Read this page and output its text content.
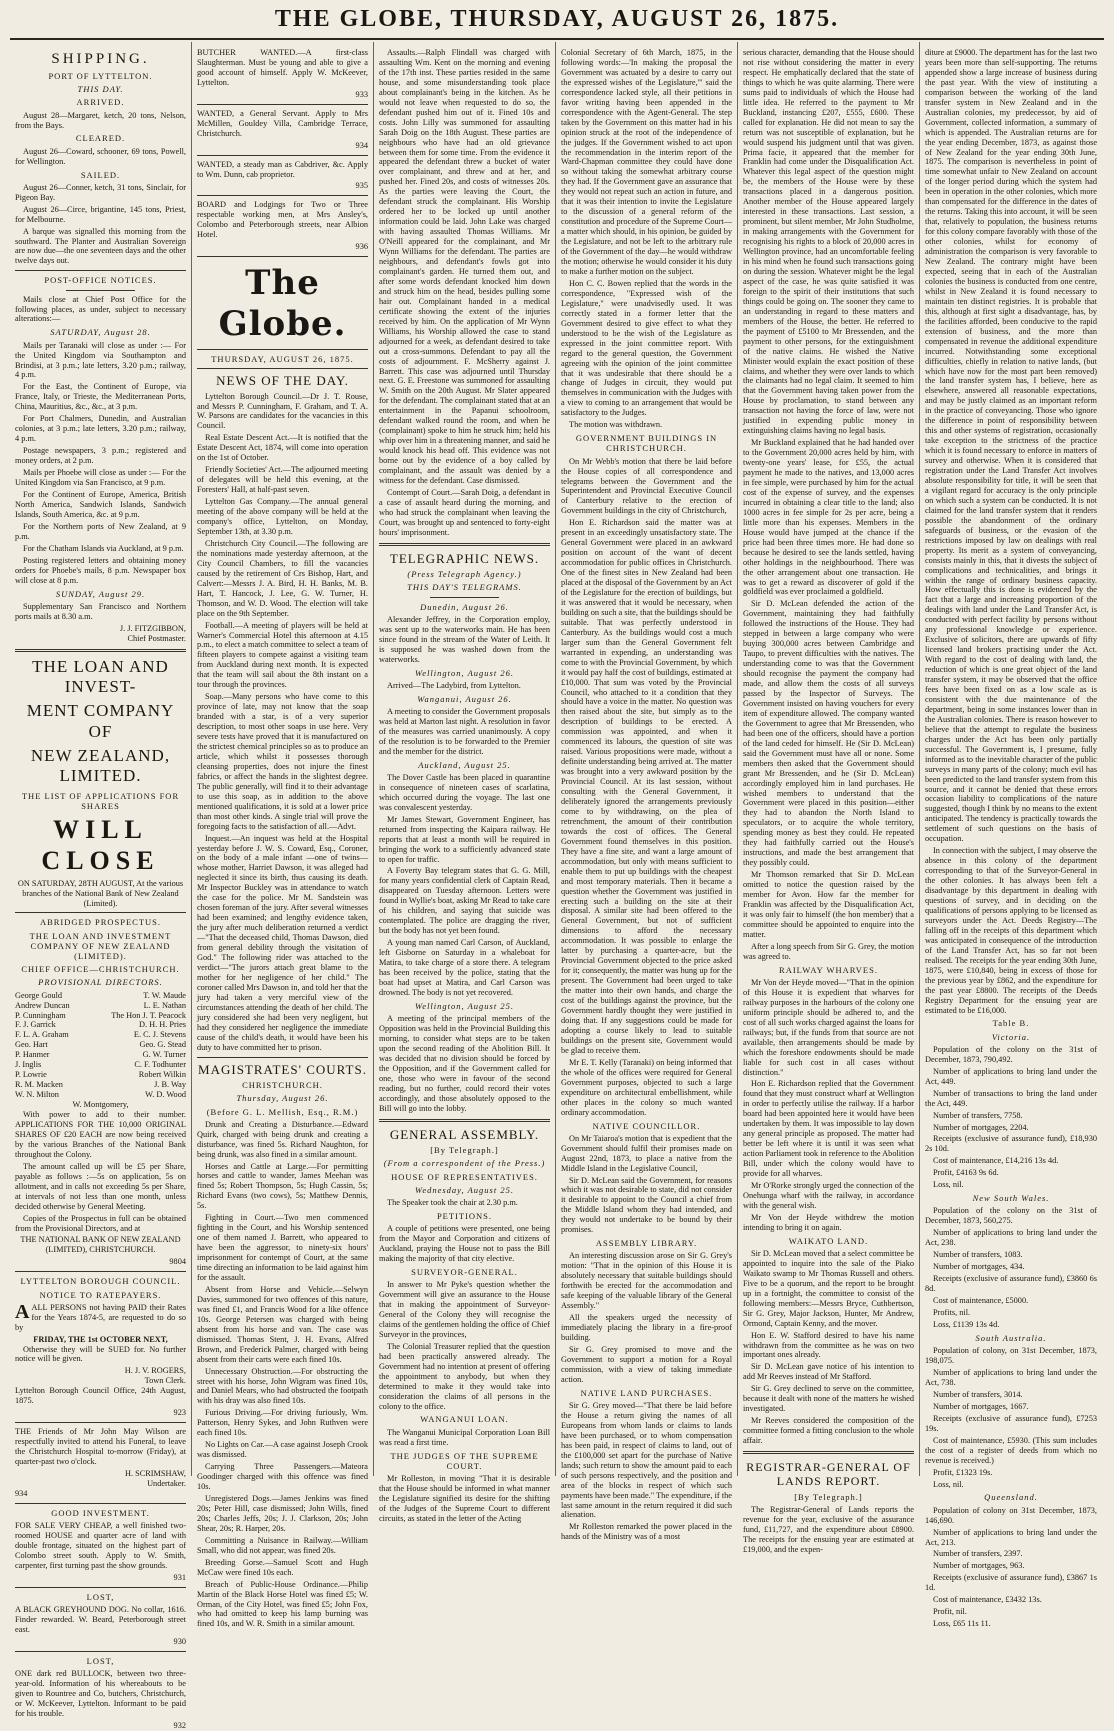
THE GLOBE, THURSDAY, AUGUST 26, 1875.
SHIPPING.
PORT OF LYTTELTON.
THIS DAY.
ARRIVED.

August 28—Margaret, ketch, 20 tons, Nelson, from the Bays.

CLEARED.

August 26—Coward, schooner, 69 tons, Powell, for Wellington.

SAILED.

August 26—Conner, ketch, 31 tons, Sinclair, for Pigeon Bay.

August 26—Circe, brigantine, 145 tons, Priest, for Melbourne.

A barque was signalled this morning from the southward. The Planter and Australian Sovereign are now due—the one seventeen days and the other twelve days out.

POST-OFFICE NOTICES.

Mails close at Chief Post Office for the following places, as under, subject to necessary alterations:—

SATURDAY, August 28.

Mails per Taranaki will close as under :— For the United Kingdom via Southampton and Brindisi, at 3 p.m.; late letters, 3.20 p.m.; railway, 4 p.m.

For the East, the Continent of Europe, via France, Italy, or Trieste, the Mediterranean Ports, China, Mauritius, &c., &c., at 3 p.m.

For Port Chalmers, Dunedin, and Australian colonies, at 3 p.m.; late letters, 3.20 p.m.; railway, 4 p.m.

Postage newspapers, 3 p.m.; registered and money orders, at 2 p.m.

Mails per Phoebe will close as under :— For the United Kingdom via San Francisco, at 9 p.m.

For the Continent of Europe, America, British North America, Sandwich Islands, Sandwich Islands, South America, &c. at 9 p.m.

For the Northern ports of New Zealand, at 9 p.m.

For the Chatham Islands via Auckland, at 9 p.m.

Posting registered letters and obtaining money orders for Phoebe's mails, 8 p.m. Newspaper box will close at 8 p.m.

SUNDAY, August 29.

Supplementary San Francisco and Northern ports mails at 8.30 a.m.

J. J. FITZGIBBON,
Chief Postmaster.
THE LOAN AND INVEST-
MENT COMPANY OF
NEW ZEALAND, LIMITED.
THE LIST OF APPLICATIONS FOR SHARES
WILL CLOSE

ON SATURDAY, 28TH AUGUST, At the various branches of the National Bank of New Zealand (Limited).

ABRIDGED PROSPECTUS.
THE LOAN AND INVESTMENT COMPANY OF NEW ZEALAND (LIMITED).
CHIEF OFFICE—CHRISTCHURCH.
PROVISIONAL DIRECTORS.
George Gould	T. W. Maude
Andrew Duncan	L. E. Nathan
P. Cunningham	The Hon J. T. Peacock
F. J. Garrick	D. H. H. Pries
F. L. A. Graham	E. C. J. Stevens
Geo. Hart	Geo. G. Stead
P. Hanmer	G. W. Turner
J. Inglis	C. F. Todhunter
P. Lowrie	Robert Wilkin
R. M. Macken	J. B. Way
W. N. Milton	W. D. Wood
W. Montgomery,

With power to add to their number. APPLICATIONS FOR THE 10,000 ORIGINAL SHARES OF £20 EACH are now being received by the various Branches of the National Bank throughout the Colony.

The amount called up will be £5 per Share, payable as follows :—5s on application, 5s on allotment, and in calls not exceeding 5s per Share, at intervals of not less than one month, unless decided otherwise by General Meeting.

Copies of the Prospectus in full can be obtained from the Provisional Directors, and at

THE NATIONAL BANK OF NEW ZEALAND (LIMITED), CHRISTCHURCH.

9804
LYTTELTON BOROUGH COUNCIL.
NOTICE TO RATEPAYERS.

AALL PERSONS not having PAID their Rates for the Years 1874-5, are requested to do so by

FRIDAY, THE 1st OCTOBER NEXT,

Otherwise they will be SUED for. No further notice will be given.

H. J. V. ROGERS,
Town Clerk.

Lyttelton Borough Council Office, 24th August, 1875.

923

THE Friends of Mr John May Wilson are respectfully invited to attend his Funeral, to leave the Christchurch Hospital to-morrow (Friday), at quarter-past two o'clock.

H. SCRIMSHAW,
Undertaker.
934
GOOD INVESTMENT.

FOR SALE VERY CHEAP, a well finished two-roomed HOUSE and quarter acre of land with double frontage, situated on the highest part of Colombo street south. Apply to W. Smith, carpenter, first turning past the show grounds.

931
LOST,

A BLACK GREYHOUND DOG. No collar, 1616. Finder rewarded. W. Beard, Peterborough street east.

930
LOST,

ONE dark red BULLOCK, between two three-year-old. Information of his whereabouts to be given to Rountree and Co, butchers, Christchurch, or W. McKeever, Lyttelton. Informant to be paid for his trouble.

932

BUTCHER WANTED.—A first-class Slaughterman. Must be young and able to give a good account of himself. Apply W. McKeever, Lyttelton.

933

WANTED, a General Servant. Apply to Mrs McMillen, Gouldey Villa, Cambridge Terrace, Christchurch.

934

WANTED, a steady man as Cabdriver, &c. Apply to Wm. Dunn, cab proprietor.

935

BOARD and Lodgings for Two or Three respectable working men, at Mrs Ansley's, Colombo and Peterborough streets, near Albion Hotel.

936
The Globe.
THURSDAY, AUGUST 26, 1875.
NEWS OF THE DAY.

Lyttelton Borough Council.—Dr J. T. Rouse, and Messrs P. Cunningham, F. Graham, and T. A. W. Parsons are candidates for the vacancies in this Council.

Real Estate Descent Act.—It is notified that the Estate Descent Act, 1874, will come into operation on the 1st of October.

Friendly Societies' Act.—The adjourned meeting of delegates will be held this evening, at the Foresters' Hall, at half-past seven.

Lyttelton Gas Company.—The annual general meeting of the above company will be held at the company's office, Lyttelton, on Monday, September 13th, at 3.30 p.m.

Christchurch City Council.—The following are the nominations made yesterday afternoon, at the City Council Chambers, to fill the vacancies caused by the retirement of Crs Bishop, Hart, and Calvert:—Messrs J. A. Bird, H. H. Banks, M. B. Hart, T. Hancock, J. Lee, G. W. Turner, H. Thomson, and W. D. Wood. The election will take place on the 9th September.

Football.—A meeting of players will be held at Warner's Commercial Hotel this afternoon at 4.15 p.m., to elect a match committee to select a team of fifteen players to compete against a visiting team from Auckland during next month. It is expected that the team will sail about the 8th instant on a tour through the provinces.

Soap.—Many persons who have come to this province of late, may not know that the soap branded with a star, is of a very superior description, to most other soaps in use here. Very severe tests have proved that it is manufactured on the strictest chemical principles so as to produce an article, which whilst it possesses thorough cleansing properties, does not injure the finest fabrics, or affect the hands in the slightest degree. The public generally, will find it to their advantage to use this soap, as in addition to the above mentioned qualifications, it is sold at a lower price than most other kinds. A single trial will prove the foregoing facts to the satisfaction of all.—Advt.

Inquest.—An inquest was held at the Hospital yesterday before J. W. S. Coward, Esq., Coroner, on the body of a male infant —one of twins—whose mother, Harriet Dawson, it was alleged had neglected it since its birth, thus causing its death. Mr Inspector Buckley was in attendance to watch the case for the police. Mr M. Sandstein was chosen foreman of the jury. After several witnesses had been examined; and lengthy evidence taken, the jury after much deliberation returned a verdict—"That the deceased child, Thomas Dawson, died from general debility through the visitation of God." The following rider was attached to the verdict—"The jurors attach great blame to the mother for her negligence of her child." The coroner called Mrs Dawson in, and told her that the jury had taken a very merciful view of the circumstances attending the death of her child. The jury considered she had been very negligent, but had they considered her negligence the immediate cause of the child's death, it would have been his duty to have committed her to prison.

MAGISTRATES' COURTS.
CHRISTCHURCH.
Thursday, August 26.
(Before G. L. Mellish, Esq., R.M.)

Drunk and Creating a Disturbance.—Edward Quirk, charged with being drunk and creating a disturbance, was fined 5s. Richard Naughton, for being drunk, was also fined in a similar amount.

Horses and Cattle at Large.—For permitting horses and cattle to wander, James Meehan was fined 5s; Robert Thompson, 5s; Hugh Cassin, 5s; Richard Evans (two cows), 5s; Matthew Dennis, 5s.

Fighting in Court.—Two men commenced fighting in the Court, and his Worship sentenced one of them named J. Barrett, who appeared to have been the aggressor, to ninety-six hours' imprisonment for contempt of Court, at the same time directing an information to be laid against him for the assault.

Absent from Horse and Vehicle.—Selwyn Davies, summoned for two offences of this nature, was fined £1, and Francis Wood for a like offence 10s. George Petersen was charged with being absent from his horse and van. The case was dismissed. Thomas Stent, J. H. Evans, Alfred Brown, and Frederick Palmer, charged with being absent from their carts were each fined 10s.

Unnecessary Obstruction.—For obstructing the street with his horse, John Wigram was fined 10s, and Daniel Mears, who had obstructed the footpath with his dray was also fined 10s.

Furious Driving.—For driving furiously, Wm. Patterson, Henry Sykes, and John Ruthven were each fined 10s.

No Lights on Car.—A case against Joseph Crook was dismissed.

Carrying Three Passengers.—Mateora Goodinger charged with this offence was fined 10s.

Unregistered Dogs.—James Jenkins was fined 20s; Peter Hill, case dismissed; John Wills, fined 20s; Charles Jeffs, 20s; J. J. Clarkson, 20s; John Shear, 20s; R. Harper, 20s.

Committing a Nuisance in Railway.—William Small, who did not appear, was fined 20s.

Breeding Gorse.—Samuel Scott and Hugh McCaw were fined 10s each.

Breach of Public-House Ordinance.—Philip Martin of the Black Horse Hotel was fined £5; W. Orman, of the City Hotel, was fined £5; John Fox, who had omitted to keep his lamp burning was fined 10s, and W. R. Smith in a similar amount.

Assaults.—Ralph Flindall was charged with assaulting Wm. Kent on the morning and evening of the 17th inst. These parties resided in the same house, and some misunderstanding took place about complainant's being in the kitchen. As he would not leave when requested to do so, the defendant pushed him out of it. Fined 10s and costs. John Lilly was summoned for assaulting Sarah Doig on the 18th August. These parties are neighbours who have had an old grievance between them for some time. From the evidence it appeared the defendant threw a bucket of water over complainant, and threw and at her, and pushed her. Fined 20s, and costs of witnesses 20s. As the parties were leaving the Court, the defendant struck the complainant. His Worship ordered her to be locked up until another information could be laid. John Lake was charged with having assaulted Thomas Williams. Mr O'Neill appeared for the complainant, and Mr Wynn Williams for the defendant. The parties are neighbours, and defendant's fowls got into complainant's garden. He turned them out, and after some words defendant knocked him down and struck him on the head, besides pulling some hair out. Complainant handed in a medical certificate showing the extent of the injuries received by him. On the application of Mr Wynn Williams, his Worship allowed the case to stand adjourned for a week, as defendant desired to take out a cross-summons. Defendant to pay all the costs of adjournment. F. McSherry against J. Barrett. This case was adjourned until Thursday next. G. E. Freestone was summoned for assaulting W. Smith on the 20th August. Mr Slater appeared for the defendant. The complainant stated that at an entertainment in the Papanui schoolroom, defendant walked round the room, and when he (complainant) spoke to him he struck him; held his whip over him in a threatening manner, and said he would knock his head off. This evidence was not borne out by the evidence of a boy called by complainant, and the assault was denied by a witness for the defendant. Case dismissed.

Contempt of Court.—Sarah Doig, a defendant in a case of assault heard during the morning, and who had struck the complainant when leaving the Court, was brought up and sentenced to forty-eight hours' imprisonment.

TELEGRAPHIC NEWS.
(Press Telegraph Agency.)
THIS DAY'S TELEGRAMS.
Dunedin, August 26.

Alexander Jeffrey, in the Corporation employ, was sent up to the waterworks main. He has been since found in the stream of the Water of Leith. It is supposed he was washed down from the waterworks.

Wellington, August 26.

Arrived—The Ladybird, from Lyttelton.

Wanganui, August 26.

A meeting to consider the Government proposals was held at Marton last night. A resolution in favor of the measures was carried unanimously. A copy of the resolution is to be forwarded to the Premier and the member for the district.

Auckland, August 25.

The Dover Castle has been placed in quarantine in consequence of nineteen cases of scarlatina, which occurred during the voyage. The last one was convalescent yesterday.

Mr James Stewart, Government Engineer, has returned from inspecting the Kaipara railway. He reports that at least a month will be required in bringing the work to a sufficiently advanced state to open for traffic.

A Foverty Bay telegram states that G. G. Mill, for many years confidential clerk of Captain Read, disappeared on Tuesday afternoon. Letters were found in Wyllie's boat, asking Mr Read to take care of his children, and saying that suicide was contemplated. The police are dragging the river, but the body has not yet been found.

A young man named Carl Carson, of Auckland, left Gisborne on Saturday in a whaleboat for Matira, to take charge of a store there. A telegram has been received by the police, stating that the boat had upset at Matira, and Carl Carson was drowned. The body is not yet recovered.

Wellington, August 25.

A meeting of the principal members of the Opposition was held in the Provincial Building this morning, to consider what steps are to be taken upon the second reading of the Abolition Bill. It was decided that no division should be forced by the Opposition, and if the Government called for one, those who were in favour of the second reading, but no further, could record their votes accordingly, and those absolutely opposed to the Bill will go into the lobby.

GENERAL ASSEMBLY.
[By Telegraph.]
(From a correspondent of the Press.)
HOUSE OF REPRESENTATIVES.
Wednesday, August 25.

The Speaker took the chair at 2.30 p.m.

PETITIONS.

A couple of petitions were presented, one being from the Mayor and Corporation and citizens of Auckland, praying the House not to pass the Bill making the majority of that city elective.

SURVEYOR-GENERAL.

In answer to Mr Pyke's question whether the Government will give an assurance to the House that in making the appointment of Surveyor-General of the Colony they will recognise the claims of the gentlemen holding the office of Chief Surveyor in the provinces,

The Colonial Treasurer replied that the question had been practically answered already. The Government had no intention at present of offering the appointment to anybody, but when they determined to make it they would take into consideration the claims of all persons in the colony to the office.

WANGANUI LOAN.

The Wanganui Municipal Corporation Loan Bill was read a first time.

THE JUDGES OF THE SUPREME COURT.

Mr Rolleston, in moving "That it is desirable that the House should be informed in what manner the Legislature signified its desire for the shifting of the Judges of the Supreme Court to different circuits, as stated in the letter of the Acting

Colonial Secretary of 6th March, 1875, in the following words:—'In making the proposal the Government was actuated by a desire to carry out the expressed wishes of the Legislature,'" said the correspondence lacked style, all their petitions in favor writing having been appended in the correspondence with the Agent-General. The step taken by the Government on this matter had in his opinion struck at the root of the independence of the judges. If the Government wished to act upon the recommendation in the interim report of the Ward-Chapman committee they could have done so without taking the somewhat arbitrary course they had. If the Government gave an assurance that they would not repeat such an action in future, and that it was their intention to invite the Legislature to the discussion of a general reform of the constitution and procedure of the Supreme Court—a matter which should, in his opinion, be guided by the Legislature, and not be left to the arbitrary rule of the Government of the day—he would withdraw the motion; otherwise he would consider it his duty to make a further motion on the subject.

Hon C. C. Bowen replied that the words in the correspondence, "Expressed wish of the Legislature," were unadvisedly used. It was correctly stated in a former letter that the Government desired to give effect to what they understood to be the wish of the Legislature as expressed in the joint committee report. With regard to the general question, the Government agreeing with the opinion of the joint committee that it was undesirable that there should be a change of Judges in circuit, they would put themselves in communication with the Judges with a view to coming to an arrangement that would be satisfactory to the Judges.

The motion was withdrawn.

GOVERNMENT BUILDINGS IN CHRISTCHURCH.

On Mr Webb's motion that there be laid before the House copies of all correspondence and telegrams between the Government and the Superintendent and Provincial Executive Council of Canterbury relative to the erection of Government buildings in the city of Christchurch,

Hon E. Richardson said the matter was at present in an exceedingly unsatisfactory state. The General Government were placed in an awkward position on account of the want of decent accommodation for public offices in Christchurch. One of the finest sites in New Zealand had been placed at the disposal of the Government by an Act of the Legislature for the erection of buildings, but it was answered that it would be necessary, when building on such a site, that the buildings should be suitable. That was perfectly understood in Canterbury. As the buildings would cost a much larger sum than the General Government felt warranted in expending, an understanding was come to with the Provincial Government, by which it would pay half the cost of buildings, estimated at £10,000. That sum was voted by the Provincial Council, who attached to it a condition that they should have a voice in the matter. No question was then raised about the site, but simply as to the description of buildings to be erected. A commission was appointed, and when it commenced its labours, the question of site was raised. Various propositions were made, without a definite understanding being arrived at. The matter was brought into a very awkward position by the Provincial Council. At its last session, without consulting with the General Government, it deliberately ignored the arrangements previously come to by withdrawing, on the plea of retrenchment, the amount of their contribution towards the cost of offices. The General Government found themselves in this position. They have a fine site, and want a large amount of accommodation, but only with means sufficient to enable them to put up buildings with the cheapest and most temporary materials. Then it became a question whether the Government was justified in erecting such a building on the site at their disposal. A similar site had been offered to the General Government, but not of sufficient dimensions to afford the necessary accommodation. It was possible to enlarge the latter by purchasing a quarter-acre, but the Provincial Government objected to the price asked for it; consequently, the matter was hung up for the present. The Government had been urged to take the matter into their own hands, and charge the cost of the buildings against the province, but the Government hardly thought they were justified in doing that. If any suggestions could be made for adopting a course likely to lead to suitable buildings on the present site, Government would be glad to receive them.

Mr E. T. Kelly (Taranaki) on being informed that the whole of the offices were required for General Government purposes, objected to such a large expenditure on architectural embellishment, while other places in the colony so much wanted ordinary accommodation.

NATIVE COUNCILLOR.

On Mr Taiaroa's motion that is expedient that the Government should fulfil their promises made on August 22nd, 1873, to place a native from the Middle Island in the Legislative Council,

Sir D. McLean said the Government, for reasons which it was not desirable to state, did not consider it desirable to appoint to the Council a chief from the Middle Island whom they had intended, and they would not undertake to be bound by their promises.

ASSEMBLY LIBRARY.

An interesting discussion arose on Sir G. Grey's motion: "That in the opinion of this House it is absolutely necessary that suitable buildings should forthwith be erected for the accommodation and safe keeping of the valuable library of the General Assembly."

All the speakers urged the necessity of immediately placing the library in a fire-proof building.

Sir G. Grey promised to move and the Government to support a motion for a Royal commission, with a view of taking immediate action.

NATIVE LAND PURCHASES.

Sir G. Grey moved—"That there be laid before the House a return giving the names of all Europeans from whom lands or claims to lands have been purchased, or to whom compensation has been paid, in respect of claims to land, out of the £100,000 set apart for the purchase of Native lands; such return to show the amount paid to each of such persons respectively, and the position and area of the blocks in respect of which such payments have been made." The expenditure, if the last same amount in the return required it did such alienation.

Mr Rolleston remarked the power placed in the hands of the Ministry was of a most

serious character, demanding that the House should not rise without considering the matter in every respect. He emphatically declared that the state of things to which he was quite alarming. There were sums paid to individuals of which the House had little idea. He referred to the payment to Mr Buckland, instancing £207, £555, £600. These called for explanation. He did not mean to say the return was not susceptible of explanation, but he would suspend his judgment until that was given. Prima facie, it appeared that the member for Franklin had come under the Disqualification Act. Whatever this legal aspect of the question might be, the members of the House were by these transactions placed in a dangerous position. Another member of the House appeared largely interested in these transactions. Last session, a prominent, but silent member, Mr John Studholme, in making arrangements with the Government for recognising his rights to a block of 20,000 acres in Wellington province, had an uncomfortable feeling in his mind when he found such transactions going on during the session. Whatever might be the legal aspect of the case, he was quite satisfied it was foreign to the spirit of their institutions that such things could be going on. The sooner they came to an understanding in regard to these matters and members of the House, the better. He referred to the payment of £5100 to Mr Bressenden, and the payment to other persons, for the extinguishment of the native claims. He wished the Native Minister would explain the exact position of these claims, and whether they were over lands to which the claimants had no legal claim. It seemed to him that the Government having taken power from the House by proclamation, to stand between any transaction not having the force of law, were not justified in expending public money in extinguishing claims having no legal basis.

Mr Buckland explained that he had handed over to the Government 20,000 acres held by him, with twenty-one years' lease, for £55, the actual payment he made to the natives, and 13,000 acres in fee simple, were purchased by him for the actual cost of the expense of survey, and the expenses incurred in obtaining a clear title to the land; also 1000 acres in fee simple for 2s per acre, being a little more than his expenses. Members in the House would have jumped at the chance if the price had been three times more. He had done so because he desired to see the lands settled, having other holdings in the neighbourhood. There was the other arrangement about one transaction. He was to get a reward as discoverer of gold if the goldfield was ever proclaimed a goldfield.

Sir D. McLean defended the action of the Government, maintaining they had faithfully followed the instructions of the House. They had stepped in between a large company who were buying 300,000 acres between Cambridge and Taupo, to prevent difficulties with the natives. The understanding come to was that the Government should recognise the payment the company had made, and allow them the costs of all surveys passed by the Inspector of Surveys. The Government insisted on having vouchers for every item of expenditure allowed. The company wanted the Government to agree that Mr Bressenden, who had been one of the officers, should have a portion of the land ceded for himself. He (Sir D. McLean) said the Government must have all or none. Some members then asked that the Government should grant Mr Bressenden, and he (Sir D. McLean) accordingly employed him in land purchases. He wished members to understand that the Government were placed in this position—either they had to abandon the North Island to speculators, or to acquire the whole territory, spending money as best they could. He repeated they had faithfully carried out the House's instructions, and made the best arrangement that they possibly could.

Mr Thomson remarked that Sir D. McLean omitted to notice the question raised by the member for Avon. How far the member for Franklin was affected by the Disqualification Act, it was only fair to himself (the hon member) that a committee should be appointed to enquire into the matter.

After a long speech from Sir G. Grey, the motion was agreed to.

RAILWAY WHARVES.

Mr Von der Heyde moved—"That in the opinion of this House it is expedient that wharves for railway purposes in the harbours of the colony one uniform principle should be adhered to, and the cost of all such works charged against the loans for railways; but, if the funds from that source are not available, then arrangements should be made by which the foreshore endowments should be made liable for such cost in all cases without distinction."

Hon E. Richardson replied that the Government found that they must construct wharf at Wellington in order to perfectly utilise the railway. If a harbor board had been appointed here it would have been undertaken by them. It was impossible to lay down any general principle as proposed. The matter had better be left where it is until it was seen what action Parliament took in reference to the Abolition Bill, under which the colony would have to provide for all wharves.

Mr O'Rorke strongly urged the connection of the Onehunga wharf with the railway, in accordance with the general wish.

Mr Von der Heyde withdrew the motion intending to bring it on again.

WAIKATO LAND.

Sir D. McLean moved that a select committee be appointed to inquire into the sale of the Piako Waikato swamp to Mr Thomas Russell and others. Five to be a quorum, and the report to be brought up in a fortnight, the committee to consist of the following members:—Messrs Bryce, Cuthbertson, Sir G. Grey, Major Jackson, Hunter, Mr Andrew, Ormond, Captain Kenny, and the mover.

Hon E. W. Stafford desired to have his name withdrawn from the committee as he was on two important ones already.

Sir D. McLean gave notice of his intention to add Mr Reeves instead of Mr Stafford.

Sir G. Grey declined to serve on the committee, because it dealt with none of the matters he wished investigated.

Mr Reeves considered the composition of the committee formed a fitting conclusion to the whole affair.

REGISTRAR-GENERAL OF LANDS REPORT.
[By Telegraph.]

The Registrar-General of Lands reports the revenue for the year, exclusive of the assurance fund, £11,727, and the expenditure about £8900. The receipts for the ensuing year are estimated at £19,000, and the expen-

diture at £9000. The department has for the last two years been more than self-supporting. The returns appended show a large increase of business during the past year. With the view of instituting a comparison between the working of the land transfer system in New Zealand and in the Australian colonies, my predecessor, by aid of Government, collected information, a summary of which is appended. The Australian returns are for the year ending December, 1873, as against those of New Zealand for the year ending 30th June, 1875. The comparison is nevertheless in point of time somewhat unfair to New Zealand on account of the longer period during which the system had been in operation in the other colonies, which more than compensated for the difference in the dates of the returns. Taking this into account, it will be seen that, relatively to population, the business returns for this colony compare favorably with those of the other colonies, whilst for economy of administration the comparison is very favorable to New Zealand. The contrary might have been expected, seeing that in each of the Australian colonies the business is conducted from one centre, whilst in New Zealand it is found necessary to maintain ten distinct registries. It is probable that this, although at first sight a disadvantage, has, by the facilities afforded, been conducive to the rapid extension of business, and the more than compensated in revenue the additional expenditure incurred. Notwithstanding some exceptional difficulties, chiefly in relation to native lands, (but which have now for the most part been removed) the land transfer system has, I believe, here as elsewhere, answered all reasonable expectations, and may be justly claimed as an important reform in the practice of conveyancing. Those who ignore the difference in point of responsibility between this and other systems of registration, occasionally take exception to the strictness of the practice which it is found necessary to enforce in matters of survey and otherwise. When it is considered that registration under the Land Transfer Act involves absolute responsibility for title, it will be seen that a vigilant regard for accuracy is the only principle on which such a system can be conducted. It is not claimed for the land transfer system that it renders possible the abandonment of the ordinary safeguards of business, or the evasion of the restrictions imposed by law on dealings with real property. Its merit as a system of conveyancing, consists mainly in this, that it divests the subject of complications and technicalities, and brings it within the range of ordinary business capacity. How effectually this is done is evidenced by the fact that a large and increasing proportion of the dealings with land under the Land Transfer Act, is conducted with perfect facility by persons without any professional knowledge or experience. Exclusive of solicitors, there are upwards of fifty licensed land brokers practising under the Act. With regard to the cost of dealing with land, the reduction of which is one great object of the land transfer system, it may be observed that the office fees have been fixed on as a low scale as is consistent with the due maintenance of the department, being in some instances lower than in the Australian colonies. There is reason however to believe that the attempt to regulate the business charges under the Act has been only partially successful. The Government is, I presume, fully informed as to the inevitable character of the public surveys in many parts of the colony; much evil has been predicted to the land transfer system from this source, and it cannot be denied that these errors occasion liability to complications of the nature suggested, though I think by no means to the extent anticipated. The tendency is practically towards the settlement of such questions on the basis of occupation.

In connection with the subject, I may observe the absence in this colony of the department corresponding to that of the Surveyor-General in the other colonies. It has always been felt a disadvantage by this department in dealing with questions of survey, and in deciding on the qualifications of persons applying to be licensed as surveyors under the Act. Deeds Registry—The falling off in the receipts of this department which was anticipated in consequence of the introduction of the Land Transfer Act, has so far not been realised. The receipts for the year ending 30th June, 1875, were £10,840, being in excess of those for the previous year by £862, and the expenditure for the past year £8800. The receipts of the Deeds Registry Department for the ensuing year are estimated to be £16,000.

Table B.
Victoria.

Population of the colony on the 31st of December, 1873, 790,492.

Number of applications to bring land under the Act, 449.

Number of transactions to bring the land under the Act, 449.

Number of transfers, 7758.

Number of mortgages, 2204.

Receipts (exclusive of assurance fund), £18,930 2s 10d.

Cost of maintenance, £14,216 13s 4d.

Profit, £4163 9s 6d.

Loss, nil.

New South Wales.

Population of the colony on the 31st of December, 1873, 560,275.

Number of applications to bring land under the Act, 238.

Number of transfers, 1083.

Number of mortgages, 434.

Receipts (exclusive of assurance fund), £3860 6s 8d.

Cost of maintenance, £5000.

Profits, nil.

Loss, £1139 13s 4d.

South Australia.

Population of colony, on 31st December, 1873, 198,075.

Number of applications to bring land under the Act, 738.

Number of transfers, 3014.

Number of mortgages, 1667.

Receipts (exclusive of assurance fund), £7253 19s.

Cost of maintenance, £5930. (This sum includes the cost of a register of deeds from which no revenue is received.)

Profit, £1323 19s.

Loss, nil.

Queensland.

Population of colony on 31st December, 1873, 146,690.

Number of applications to bring land under the Act, 213.

Number of transfers, 2397.

Number of mortgages, 963.

Receipts (exclusive of assurance fund), £3867 1s 1d.

Cost of maintenance, £3432 13s.

Profit, nil.

Loss, £65 11s 11.
